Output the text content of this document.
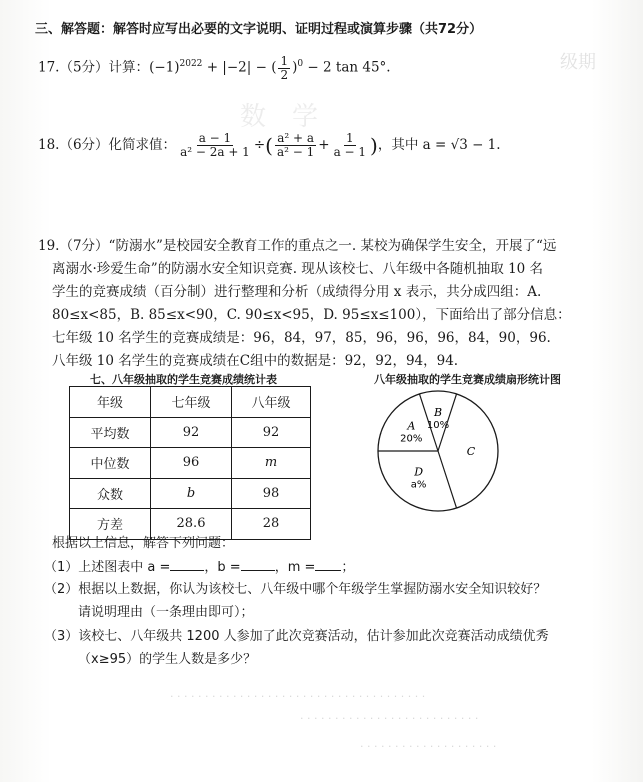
级期
数　学
三、解答题：解答时应写出必要的文字说明、证明过程或演算步骤（共72分）
17.（5分）计算：$(-1)^{2022} + |-2|$ − ( $\frac{1}{2} )^0 - 2$ tan 45°.
18.（6分）化简求值： $\frac{a - 1}{\text{a² − 2a + 1}}$ ÷( $\frac{\text{a² + a}}{\text{a² − 1}} + \frac{1}{a - 1}$ )，其中 a = √3 − 1.
19.（7分）“防溺水”是校园安全教育工作的重点之一. 某校为确保学生安全，开展了“远
离溺水·珍爱生命”的防溺水安全知识竞赛. 现从该校七、八年级中各随机抽取 10 名
学生的竞赛成绩（百分制）进行整理和分析（成绩得分用 x 表示，共分成四组：A.
80≤x<85，B. 85≤x<90，C. 90≤x<95，D. 95≤x≤100），下面给出了部分信息：
七年级 10 名学生的竞赛成绩是：96，84，97，85，96，96，96，84，90，96.
八年级 10 名学生的竞赛成绩在C组中的数据是：92，92，94，94.
七、八年级抽取的学生竞赛成绩统计表	八年级抽取的学生竞赛成绩扇形统计图
年级	七年级	八年级
平均数	92	92
中位数	96	m
众数	b	98
方差	28.6	28
A
20%
B
10%
C
D
a%
根据以上信息，解答下列问题：
（1）上述图表中 a =	，b =	，m = ；
（2）根据以上数据，你认为该校七、八年级中哪个年级学生掌握防溺水安全知识较好？
请说明理由（一条理由即可）；
（3）该校七、八年级共 1200 人参加了此次竞赛活动，估计参加此次竞赛活动成绩优秀
（x≥95）的学生人数是多少？
· · · · · · · · · · · · · · · · · · · · · · · · · · · · · · · · · · · · ·
· · · · · · · · · · · · · · · · · · · · · · · · · ·
· · · · · · · · · · · · · · · · · · · ·
